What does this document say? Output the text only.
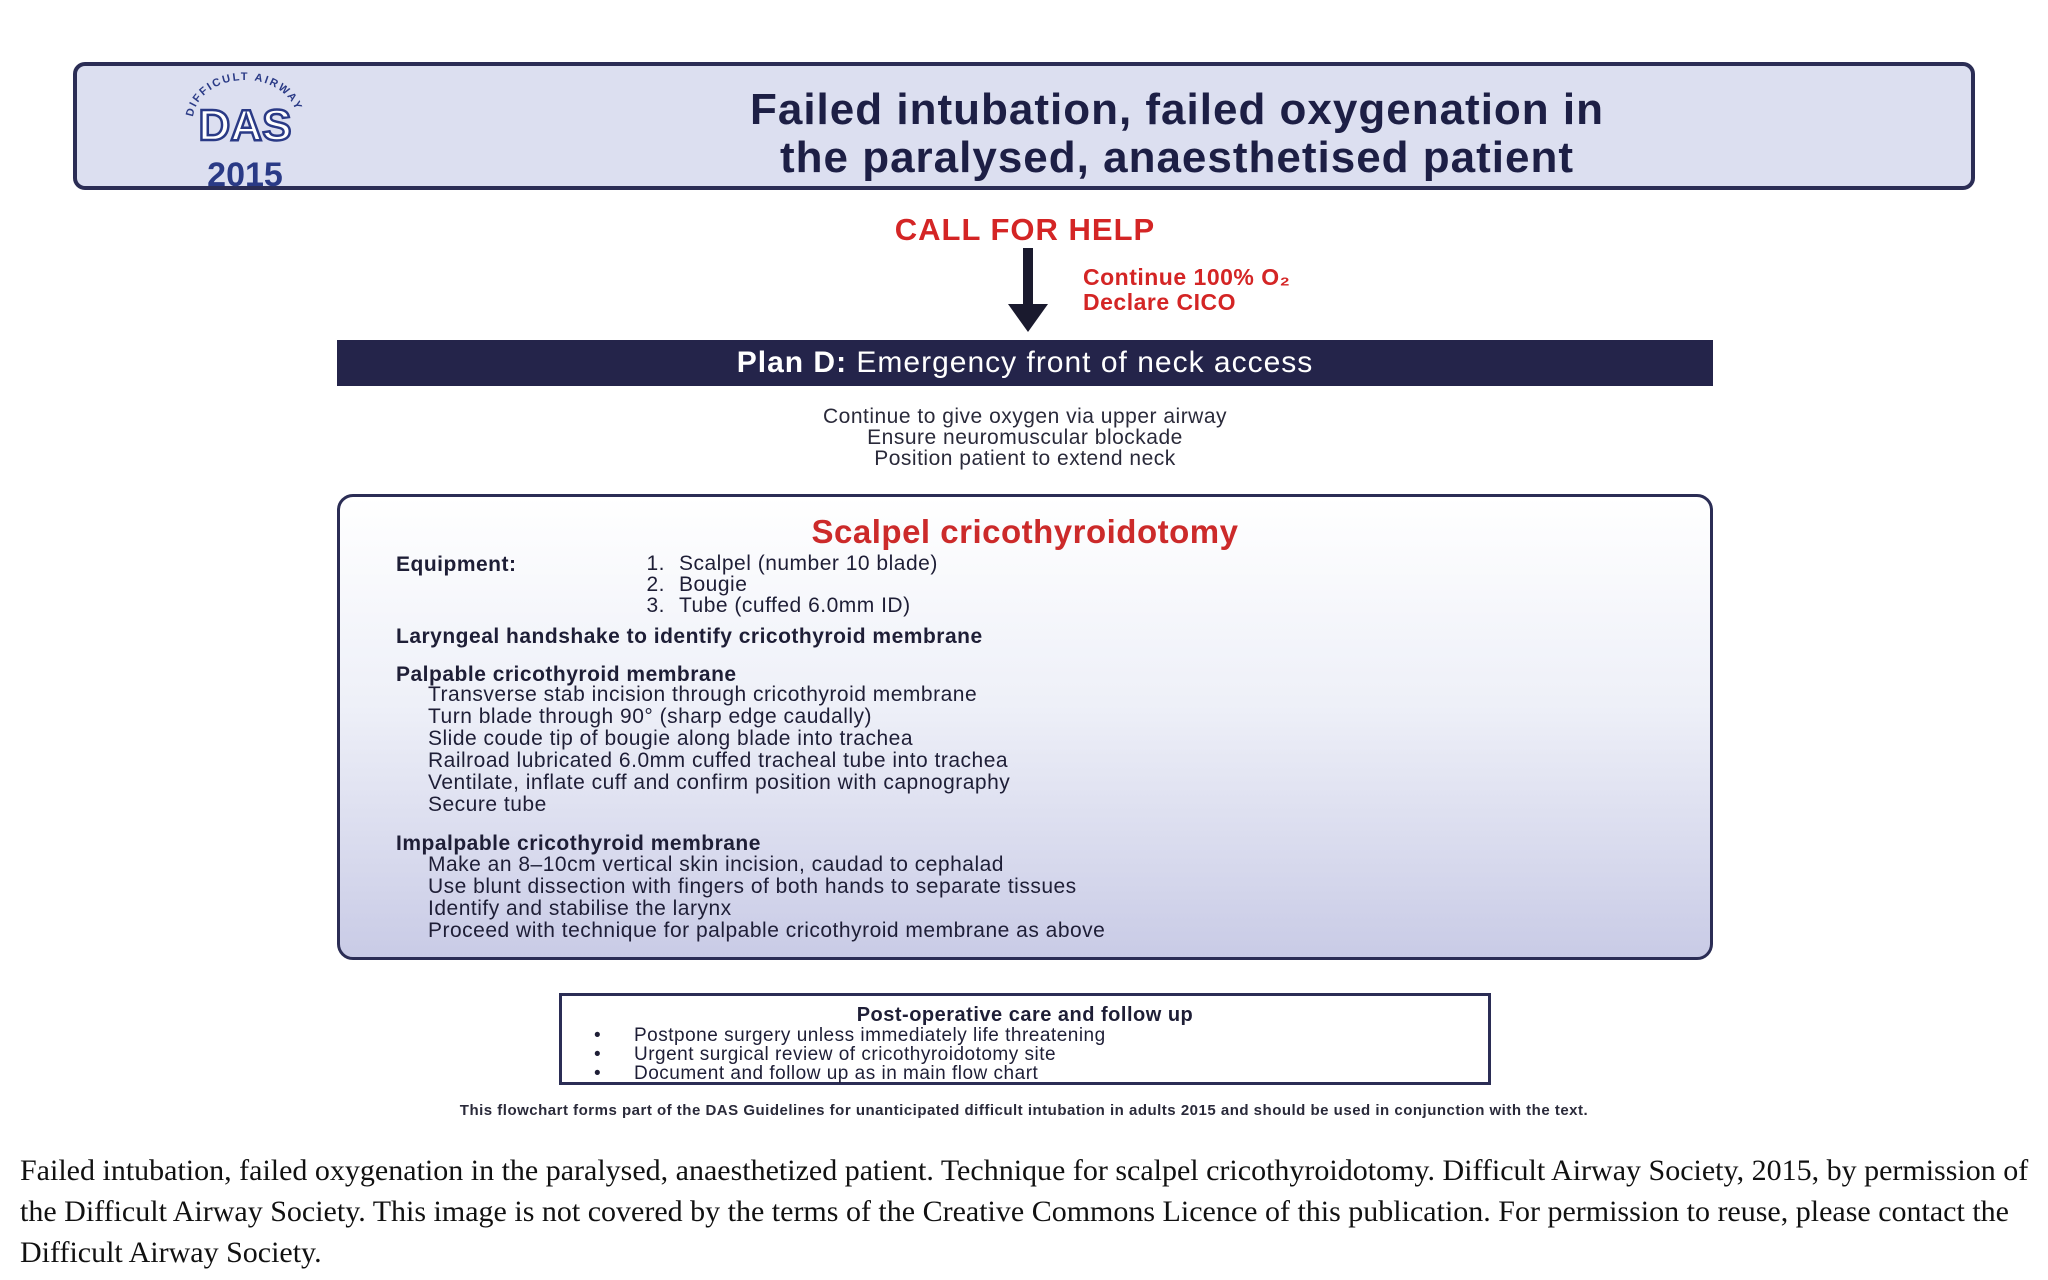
DIFFICULT AIRWAY
DAS
2015
Failed intubation, failed oxygenation in
the paralysed, anaesthetised patient
CALL FOR HELP
Continue 100% O₂
Declare CICO
Plan D: Emergency front of neck access
Continue to give oxygen via upper airway
Ensure neuromuscular blockade
Position patient to extend neck
Scalpel cricothyroidotomy
Equipment:	1. Scalpel (number 10 blade)
2. Bougie
3. Tube (cuffed 6.0mm ID)
Laryngeal handshake to identify cricothyroid membrane
Palpable cricothyroid membrane
Transverse stab incision through cricothyroid membrane
Turn blade through 90° (sharp edge caudally)
Slide coude tip of bougie along blade into trachea
Railroad lubricated 6.0mm cuffed tracheal tube into trachea
Ventilate, inflate cuff and confirm position with capnography
Secure tube
Impalpable cricothyroid membrane
Make an 8–10cm vertical skin incision, caudad to cephalad
Use blunt dissection with fingers of both hands to separate tissues
Identify and stabilise the larynx
Proceed with technique for palpable cricothyroid membrane as above
Post-operative care and follow up
•	Postpone surgery unless immediately life threatening
•	Urgent surgical review of cricothyroidotomy site
•	Document and follow up as in main flow chart
This flowchart forms part of the DAS Guidelines for unanticipated difficult intubation in adults 2015 and should be used in conjunction with the text.
Failed intubation, failed oxygenation in the paralysed, anaesthetized patient. Technique for scalpel cricothyroidotomy. Difficult Airway Society, 2015, by permission of the Difficult Airway Society. This image is not covered by the terms of the Creative Commons Licence of this publication. For permission to reuse, please contact the Difficult Airway Society.
